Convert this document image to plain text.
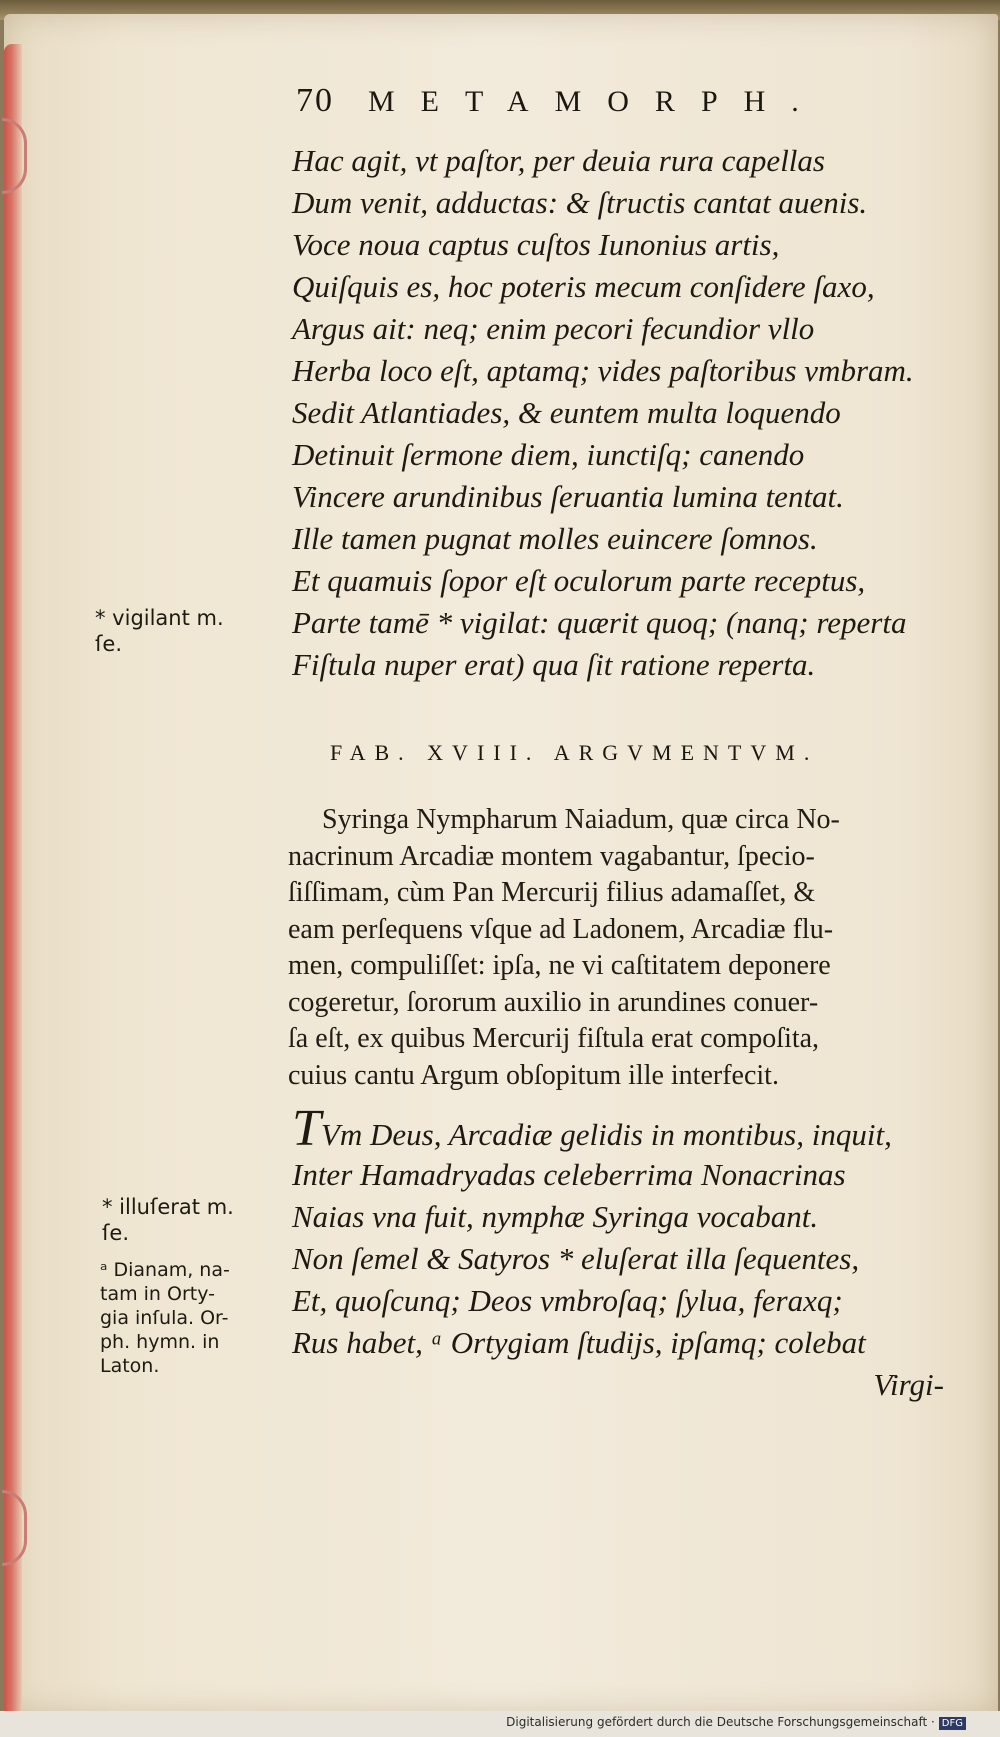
70 METAMORPH.
Hac agit, vt paſtor, per deuia rura capellas
Dum venit, adductas: & ſtructis cantat auenis.
Voce noua captus cuſtos Iunonius artis,
Quiſquis es, hoc poteris mecum conſidere ſaxo,
Argus ait: neq; enim pecori fecundior vllo
Herba loco eſt, aptamq; vides paſtoribus vmbram.
Sedit Atlantiades, & euntem multa loquendo
Detinuit ſermone diem, iunctiſq; canendo
Vincere arundinibus ſeruantia lumina tentat.
Ille tamen pugnat molles euincere ſomnos.
Et quamuis ſopor eſt oculorum parte receptus,
Parte tamē * vigilat: quærit quoq; (nanq; reperta
Fiſtula nuper erat) qua ſit ratione reperta.
* vigilant m.
ſe.
FAB. XVIII. ARGVMENTVM.
Syringa Nympharum Naiadum, quæ circa No-
nacrinum Arcadiæ montem vagabantur, ſpecio-
ſiſſimam, cùm Pan Mercurij filius adamaſſet, &
eam perſequens vſque ad Ladonem, Arcadiæ flu-
men, compuliſſet: ipſa, ne vi caſtitatem deponere
cogeretur, ſororum auxilio in arundines conuer-
ſa eſt, ex quibus Mercurij fiſtula erat compoſita,
cuius cantu Argum obſopitum ille interfecit.
TVm Deus, Arcadiæ gelidis in montibus, inquit,
Inter Hamadryadas celeberrima Nonacrinas
Naias vna fuit, nymphæ Syringa vocabant.
Non ſemel & Satyros * eluſerat illa ſequentes,
Et, quoſcunq; Deos vmbroſaq; ſylua, feraxq;
Rus habet, ᵃ Ortygiam ſtudijs, ipſamq; colebat
Virgi-
* illuſerat m.
ſe.
ᵃ Dianam, na-
tam in Orty-
gia inſula. Or-
ph. hymn. in
Laton.
Digitalisierung gefördert durch die Deutsche Forschungsgemeinschaft · DFG
